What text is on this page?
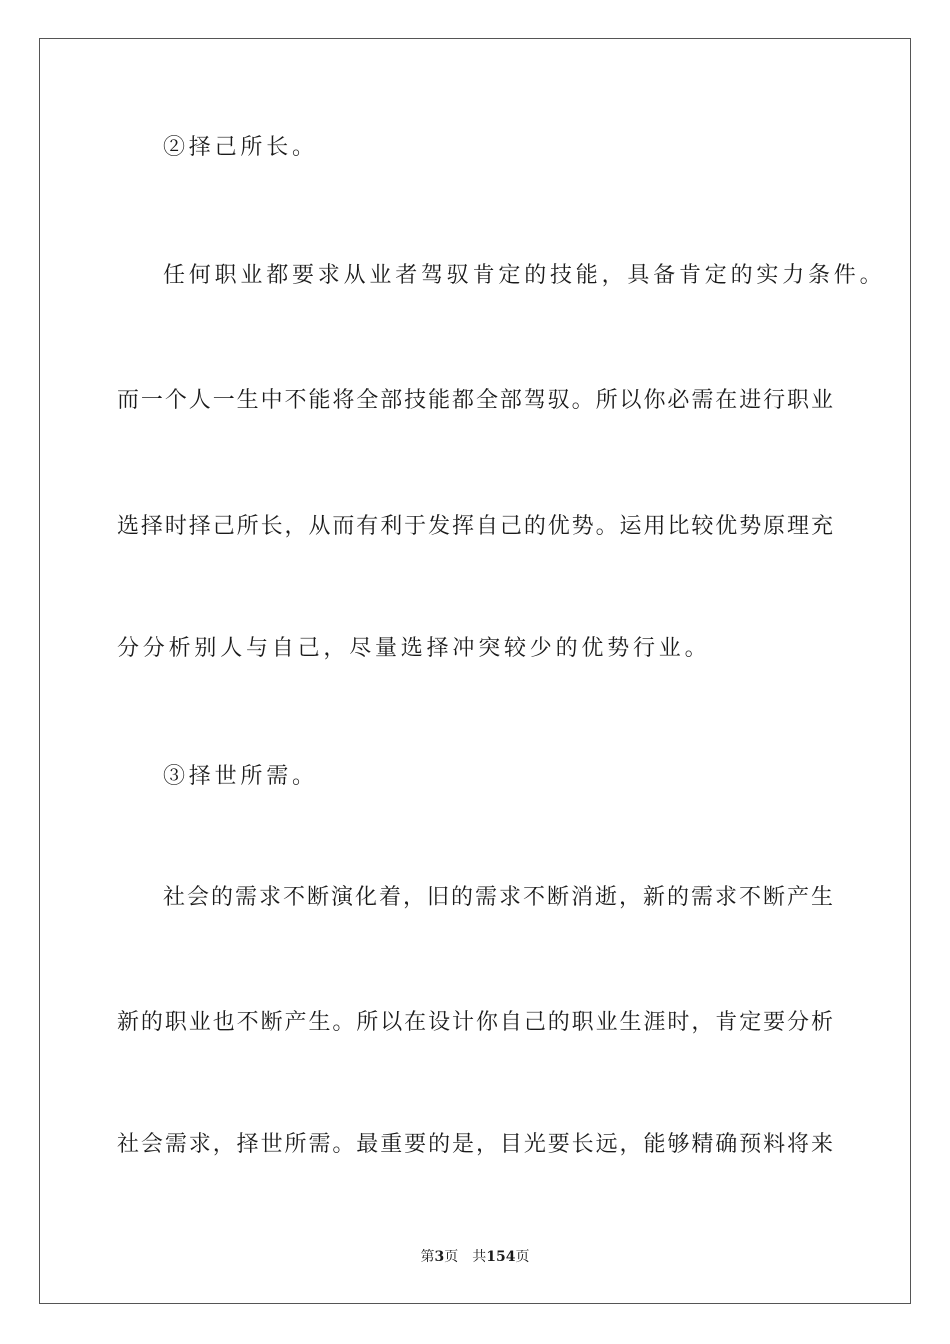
②择己所长。
任何职业都要求从业者驾驭肯定的技能，具备肯定的实力条件。
而一个人一生中不能将全部技能都全部驾驭。所以你必需在进行职业
选择时择己所长，从而有利于发挥自己的优势。运用比较优势原理充
分分析别人与自己，尽量选择冲突较少的优势行业。
③择世所需。
社会的需求不断演化着，旧的需求不断消逝，新的需求不断产生
新的职业也不断产生。所以在设计你自己的职业生涯时，肯定要分析
社会需求，择世所需。最重要的是，目光要长远，能够精确预料将来
第3页 共154页
